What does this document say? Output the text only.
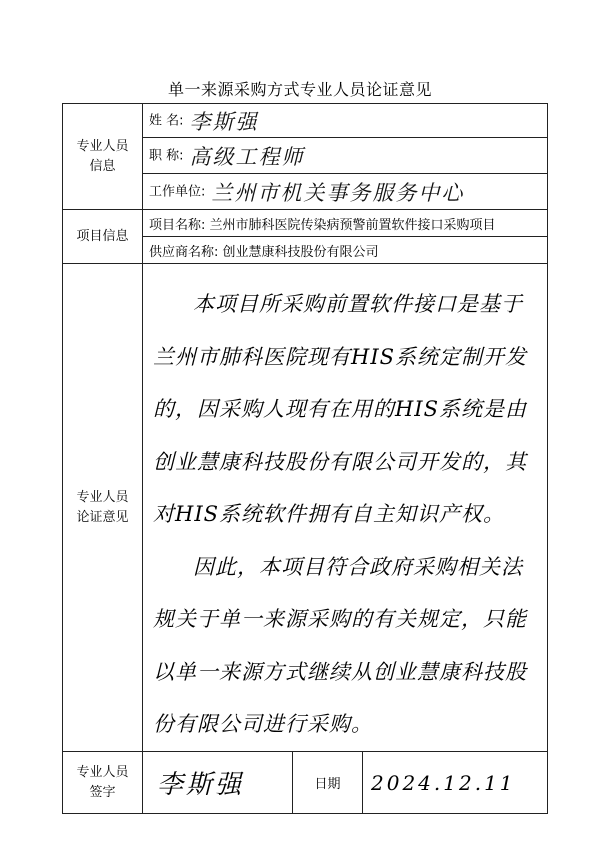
单一来源采购方式专业人员论证意见
专业人员信息	姓 名: 李斯强		
	职 称: 高级工程师		
	工作单位: 兰州市机关事务服务中心		
项目信息	项目名称: 兰州市肺科医院传染病预警前置软件接口采购项目		
	供应商名称: 创业慧康科技股份有限公司		
专业人员论证意见	本项目所采购前置软件接口是基于兰州市肺科医院现有HIS系统定制开发的，因采购人现有在用的HIS系统是由创业慧康科技股份有限公司开发的，其对HIS系统软件拥有自主知识产权。

因此，本项目符合政府采购相关法规关于单一来源采购的有关规定，只能以单一来源方式继续从创业慧康科技股份有限公司进行采购。		

专业人员签字	李斯强	日期	2024.12.11
